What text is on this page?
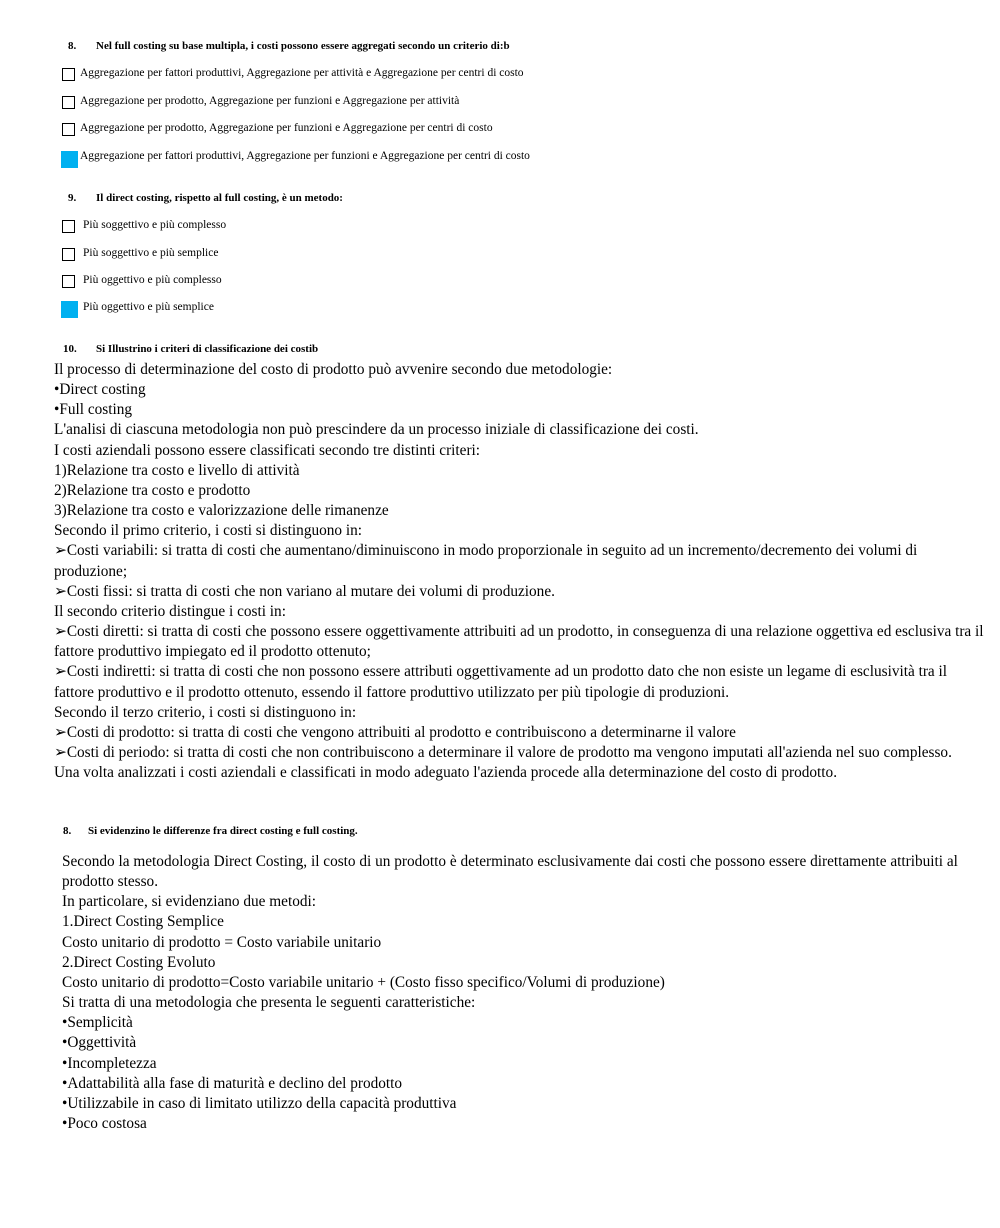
8. Nel full costing su base multipla, i costi possono essere aggregati secondo un criterio di:b
Aggregazione per fattori produttivi, Aggregazione per attività e Aggregazione per centri di costo
Aggregazione per prodotto, Aggregazione per funzioni e Aggregazione per attività
Aggregazione per prodotto, Aggregazione per funzioni e Aggregazione per centri di costo
Aggregazione per fattori produttivi, Aggregazione per funzioni e Aggregazione per centri di costo
9. Il direct costing, rispetto al full costing, è un metodo:
Più soggettivo e più complesso
Più soggettivo e più semplice
Più oggettivo e più complesso
Più oggettivo e più semplice
10. Si Illustrino i criteri di classificazione dei costib

Il processo di determinazione del costo di prodotto può avvenire secondo due metodologie:

•Direct costing

•Full costing

L'analisi di ciascuna metodologia non può prescindere da un processo iniziale di classificazione dei costi.

I costi aziendali possono essere classificati secondo tre distinti criteri:

1)Relazione tra costo e livello di attività

2)Relazione tra costo e prodotto

3)Relazione tra costo e valorizzazione delle rimanenze

Secondo il primo criterio, i costi si distinguono in:

➢Costi variabili: si tratta di costi che aumentano/diminuiscono in modo proporzionale in seguito ad un incremento/decremento dei volumi di produzione;

➢Costi fissi: si tratta di costi che non variano al mutare dei volumi di produzione.

Il secondo criterio distingue i costi in:

➢Costi diretti: si tratta di costi che possono essere oggettivamente attribuiti ad un prodotto, in conseguenza di una relazione oggettiva ed esclusiva tra il fattore produttivo impiegato ed il prodotto ottenuto;

➢Costi indiretti: si tratta di costi che non possono essere attributi oggettivamente ad un prodotto dato che non esiste un legame di esclusività tra il fattore produttivo e il prodotto ottenuto, essendo il fattore produttivo utilizzato per più tipologie di produzioni.

Secondo il terzo criterio, i costi si distinguono in:

➢Costi di prodotto: si tratta di costi che vengono attribuiti al prodotto e contribuiscono a determinarne il valore

➢Costi di periodo: si tratta di costi che non contribuiscono a determinare il valore de prodotto ma vengono imputati all'azienda nel suo complesso.

Una volta analizzati i costi aziendali e classificati in modo adeguato l'azienda procede alla determinazione del costo di prodotto.

8. Si evidenzino le differenze fra direct costing e full costing.

Secondo la metodologia Direct Costing, il costo di un prodotto è determinato esclusivamente dai costi che possono essere direttamente attribuiti al prodotto stesso.

In particolare, si evidenziano due metodi:

1.Direct Costing Semplice

Costo unitario di prodotto = Costo variabile unitario

2.Direct Costing Evoluto

Costo unitario di prodotto=Costo variabile unitario + (Costo fisso specifico/Volumi di produzione)

Si tratta di una metodologia che presenta le seguenti caratteristiche:

•Semplicità

•Oggettività

•Incompletezza

•Adattabilità alla fase di maturità e declino del prodotto

•Utilizzabile in caso di limitato utilizzo della capacità produttiva

•Poco costosa
